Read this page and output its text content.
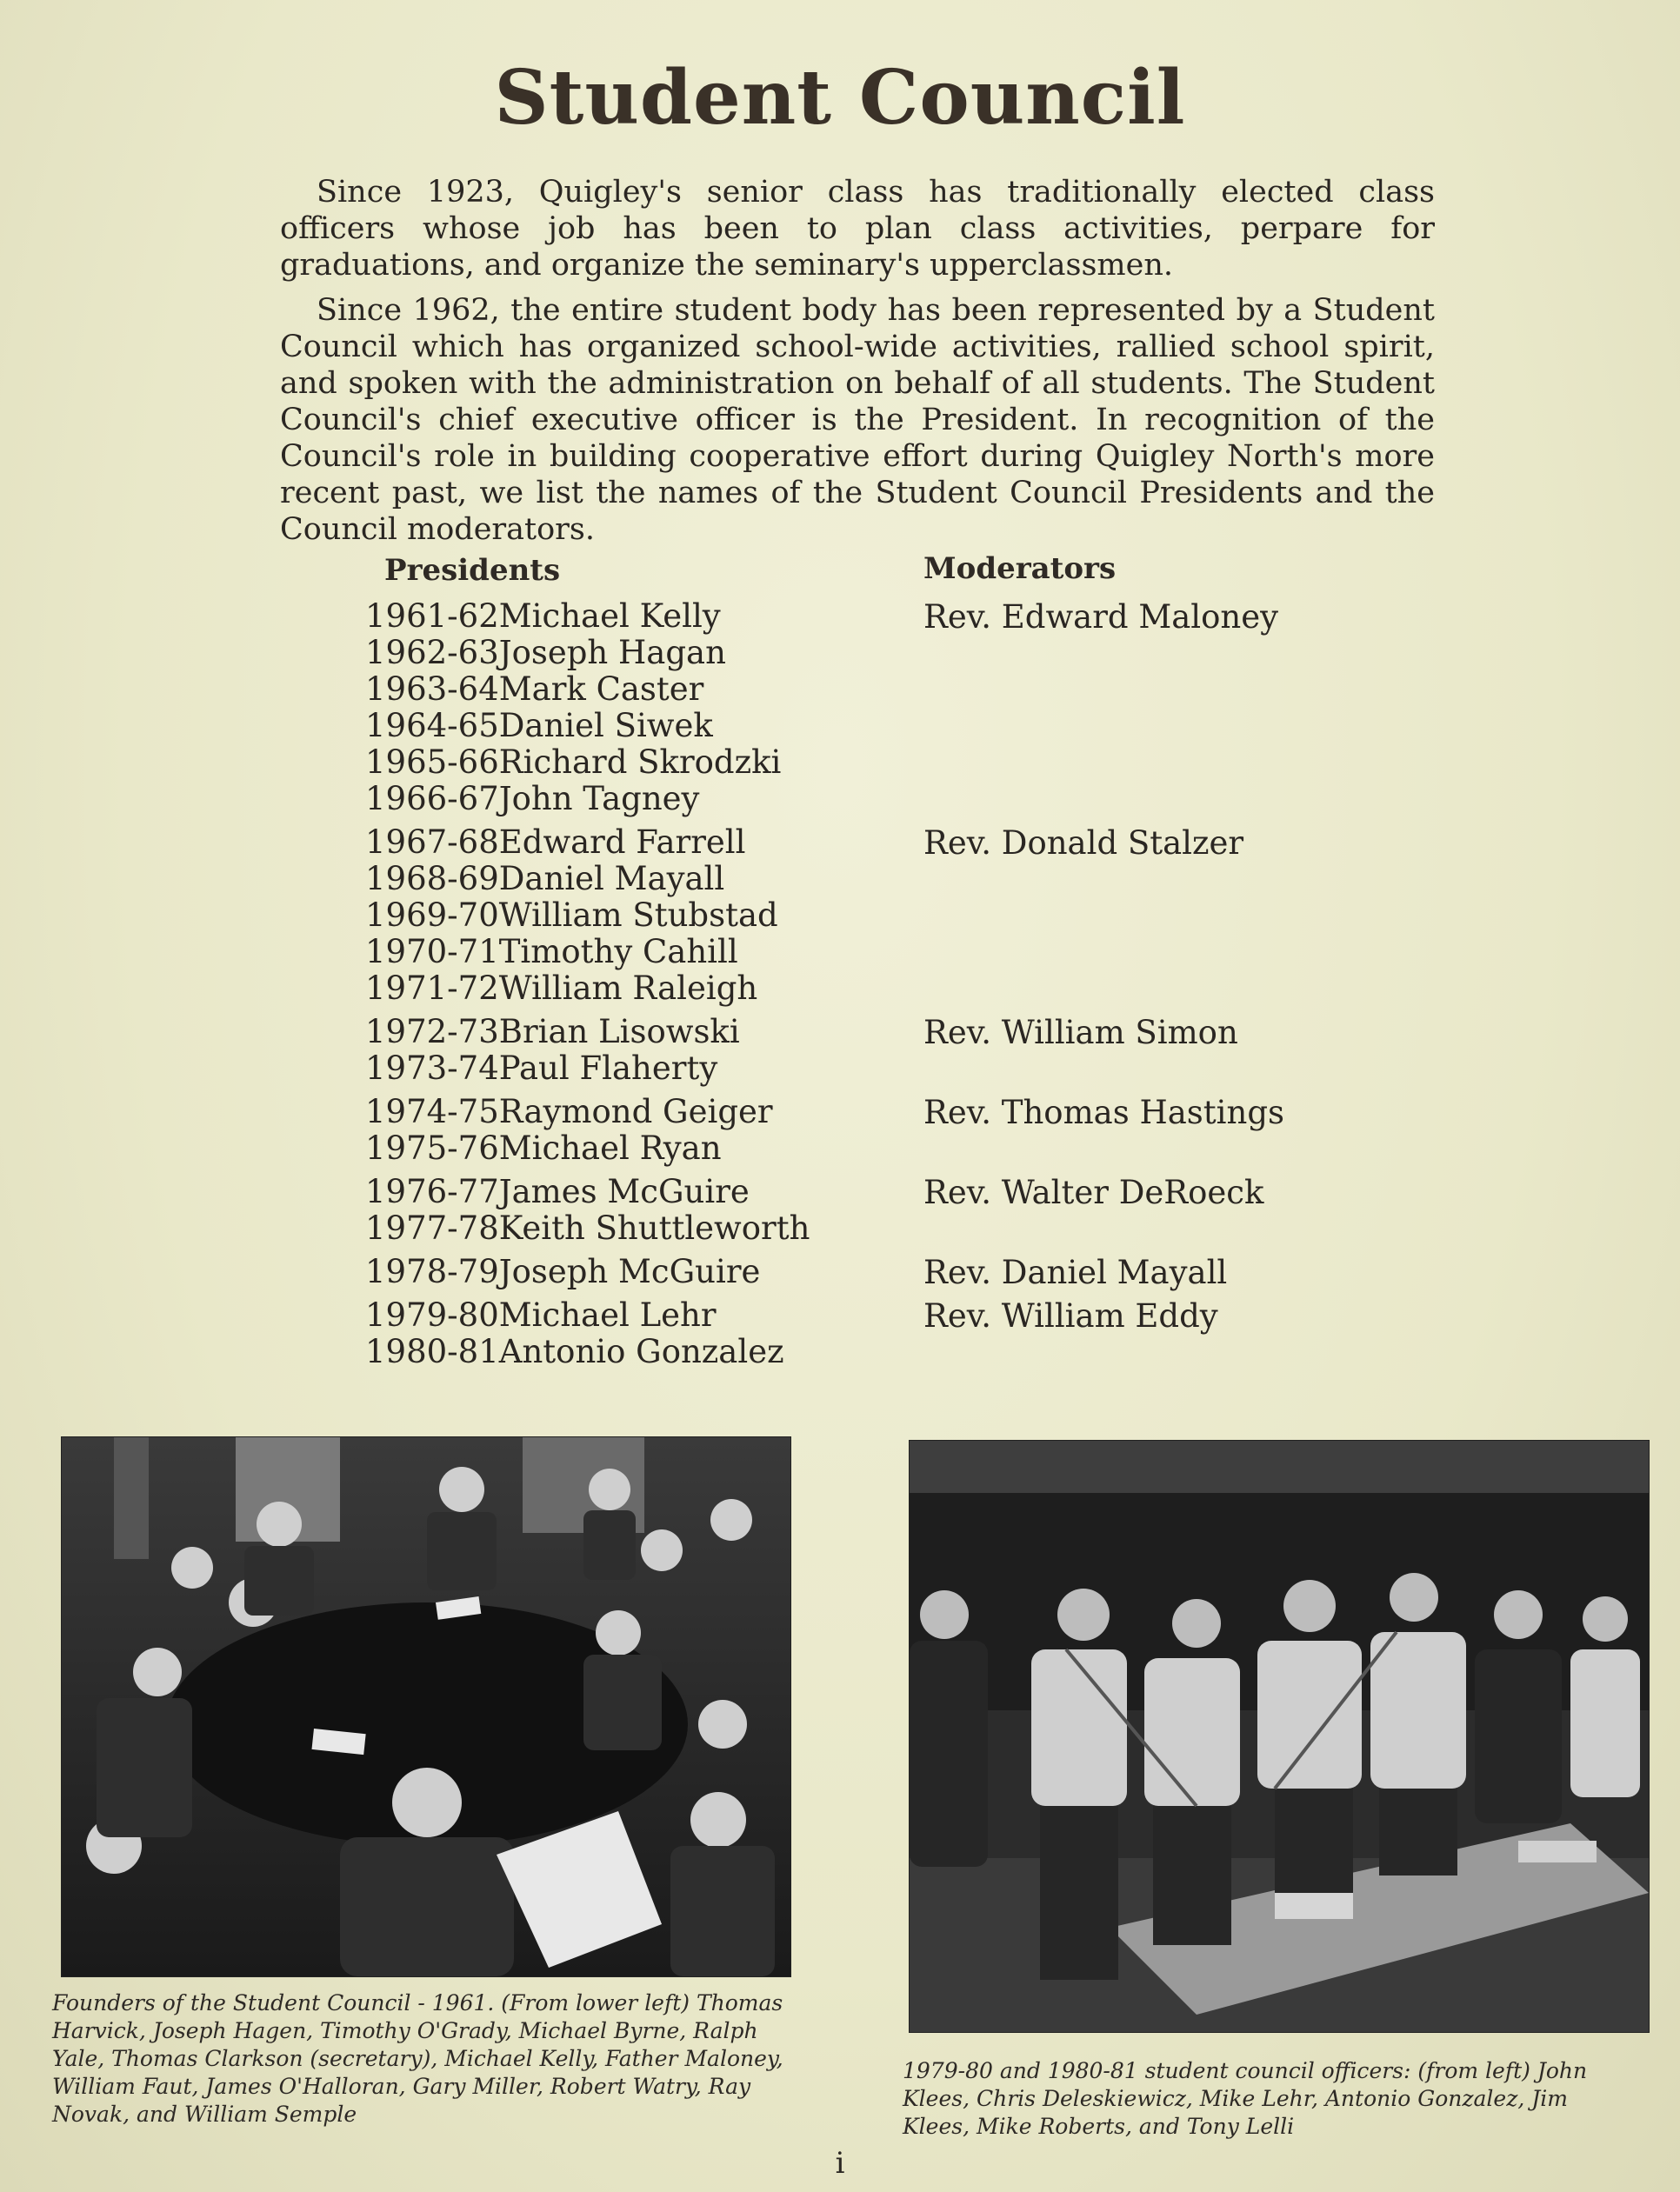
Student Council

Since 1923, Quigley's senior class has traditionally elected class officers whose job has been to plan class activities, perpare for graduations, and organize the seminary's upperclassmen.

Since 1962, the entire student body has been represented by a Student Council which has organized school-wide activities, rallied school spirit, and spoken with the administration on behalf of all students. The Student Council's chief executive officer is the President. In recognition of the Council's role in building cooperative effort during Quigley North's more recent past, we list the names of the Student Council Presidents and the Council moderators.

Presidents	Moderators
1961-62Michael Kelly
1962-63Joseph Hagan
1963-64Mark Caster
1964-65Daniel Siwek
1965-66Richard Skrodzki
1966-67John Tagney
1967-68Edward Farrell
1968-69Daniel Mayall
1969-70William Stubstad
1970-71Timothy Cahill
1971-72William Raleigh
1972-73Brian Lisowski
1973-74Paul Flaherty
1974-75Raymond Geiger
1975-76Michael Ryan
1976-77James McGuire
1977-78Keith Shuttleworth
1978-79Joseph McGuire
1979-80Michael Lehr
1980-81Antonio Gonzalez
Rev. Edward Maloney
Rev. Donald Stalzer
Rev. William Simon
Rev. Thomas Hastings
Rev. Walter DeRoeck
Rev. Daniel Mayall
Rev. William Eddy
Founders of the Student Council - 1961. (From lower left) Thomas Harvick, Joseph Hagen, Timothy O'Grady, Michael Byrne, Ralph Yale, Thomas Clarkson (secretary), Michael Kelly, Father Maloney, William Faut, James O'Halloran, Gary Miller, Robert Watry, Ray Novak, and William Semple
1979-80 and 1980-81 student council officers: (from left) John Klees, Chris Deleskiewicz, Mike Lehr, Antonio Gonzalez, Jim Klees, Mike Roberts, and Tony Lelli
i
